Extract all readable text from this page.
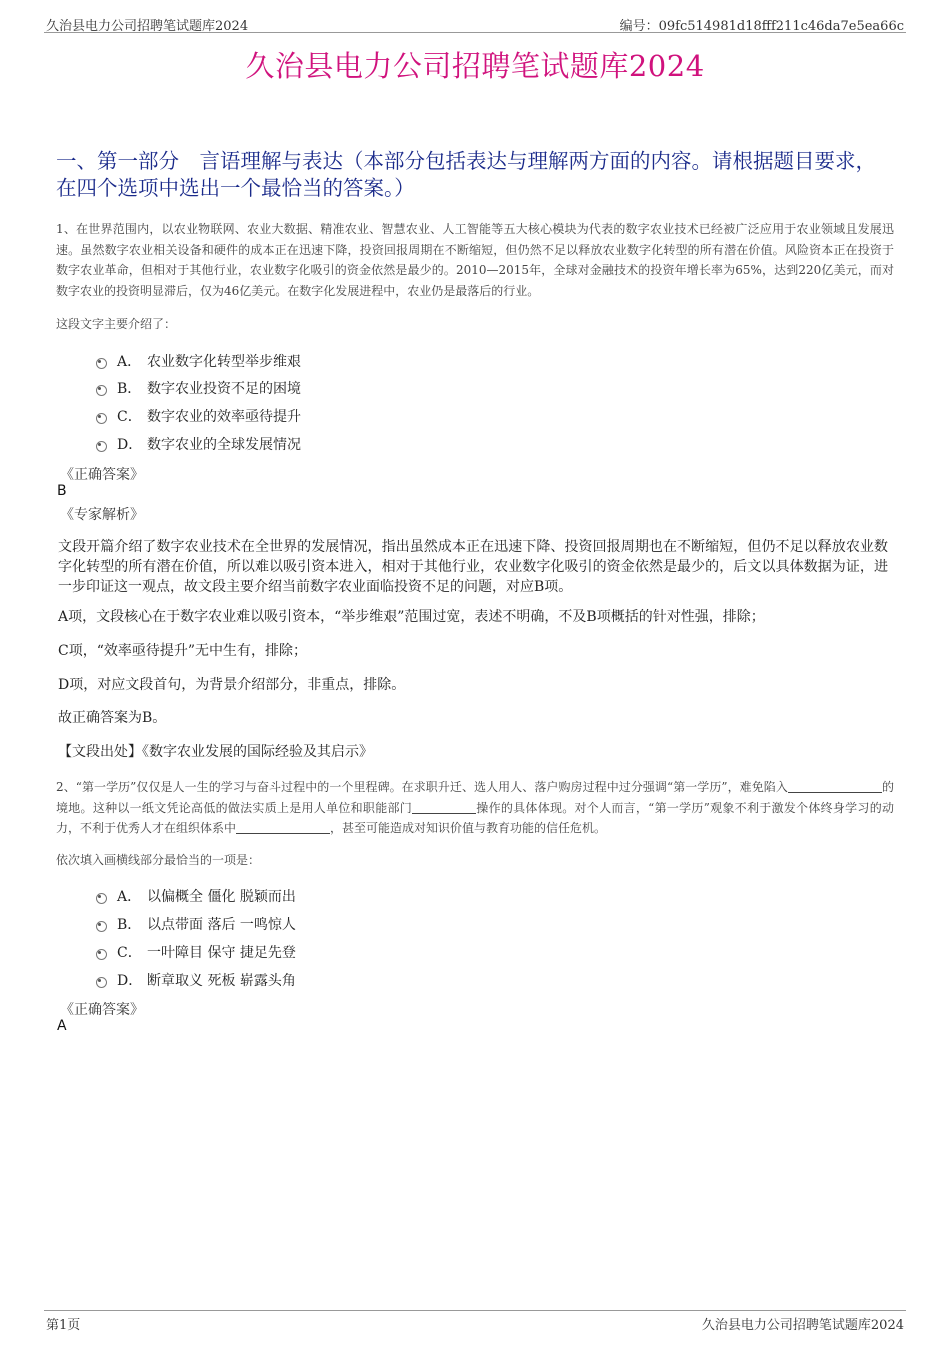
久治县电力公司招聘笔试题库2024	编号：09fc514981d18fff211c46da7e5ea66c
久治县电力公司招聘笔试题库2024
一、第一部分　言语理解与表达（本部分包括表达与理解两方面的内容。请根据题目要求，在四个选项中选出一个最恰当的答案。）
1、在世界范围内，以农业物联网、农业大数据、精准农业、智慧农业、人工智能等五大核心模块为代表的数字农业技术已经被广泛应用于农业领域且发展迅速。虽然数字农业相关设备和硬件的成本正在迅速下降，投资回报周期在不断缩短，但仍然不足以释放农业数字化转型的所有潜在价值。风险资本正在投资于数字农业革命，但相对于其他行业，农业数字化吸引的资金依然是最少的。2010—2015年，全球对金融技术的投资年增长率为65%，达到220亿美元，而对数字农业的投资明显滞后，仅为46亿美元。在数字化发展进程中，农业仍是最落后的行业。
这段文字主要介绍了：
A． 农业数字化转型举步维艰
B． 数字农业投资不足的困境
C． 数字农业的效率亟待提升
D． 数字农业的全球发展情况
《正确答案》
B
《专家解析》
文段开篇介绍了数字农业技术在全世界的发展情况，指出虽然成本正在迅速下降、投资回报周期也在不断缩短，但仍不足以释放农业数字化转型的所有潜在价值，所以难以吸引资本进入，相对于其他行业，农业数字化吸引的资金依然是最少的，后文以具体数据为证，进一步印证这一观点，故文段主要介绍当前数字农业面临投资不足的问题，对应B项。
A项，文段核心在于数字农业难以吸引资本，“举步维艰”范围过宽，表述不明确，不及B项概括的针对性强，排除；
C项，“效率亟待提升”无中生有，排除；
D项，对应文段首句，为背景介绍部分，非重点，排除。
故正确答案为B。
【文段出处】《数字农业发展的国际经验及其启示》
2、“第一学历”仅仅是人一生的学习与奋斗过程中的一个里程碑。在求职升迁、选人用人、落户购房过程中过分强调“第一学历”，难免陷入	的境地。这种以一纸文凭论高低的做法实质上是用人单位和职能部门	操作的具体体现。对个人而言，“第一学历”观象不利于激发个体终身学习的动力，不利于优秀人才在组织体系中	，甚至可能造成对知识价值与教育功能的信任危机。
依次填入画横线部分最恰当的一项是：
A． 以偏概全 僵化 脱颖而出
B． 以点带面 落后 一鸣惊人
C． 一叶障目 保守 捷足先登
D． 断章取义 死板 崭露头角
《正确答案》
A
第1页	久治县电力公司招聘笔试题库2024
